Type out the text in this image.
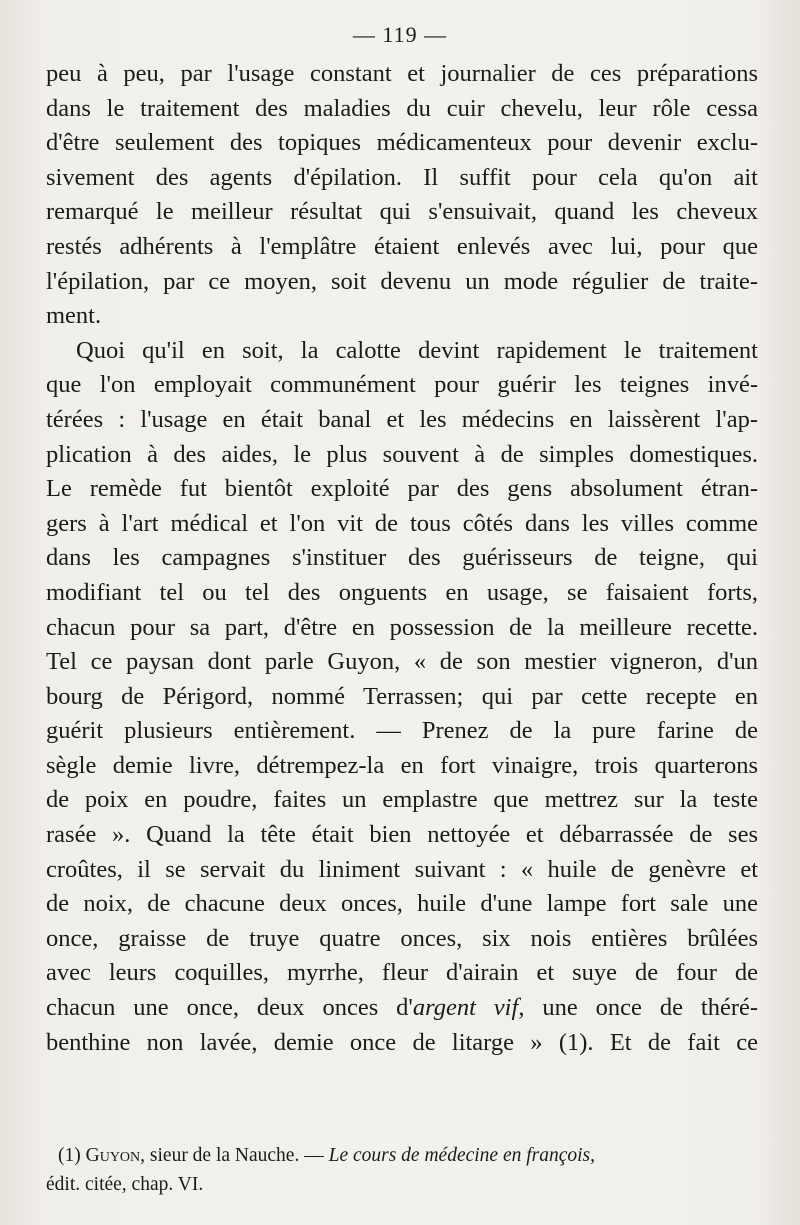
— 119 —
peu à peu, par l'usage constant et journalier de ces préparations
dans le traitement des maladies du cuir chevelu, leur rôle cessa
d'être seulement des topiques médicamenteux pour devenir exclu-
sivement des agents d'épilation. Il suffit pour cela qu'on ait
remarqué le meilleur résultat qui s'ensuivait, quand les cheveux
restés adhérents à l'emplâtre étaient enlevés avec lui, pour que
l'épilation, par ce moyen, soit devenu un mode régulier de traite-
ment.
Quoi qu'il en soit, la calotte devint rapidement le traitement
que l'on employait communément pour guérir les teignes invé-
térées : l'usage en était banal et les médecins en laissèrent l'ap-
plication à des aides, le plus souvent à de simples domestiques.
Le remède fut bientôt exploité par des gens absolument étran-
gers à l'art médical et l'on vit de tous côtés dans les villes comme
dans les campagnes s'instituer des guérisseurs de teigne, qui
modifiant tel ou tel des onguents en usage, se faisaient forts,
chacun pour sa part, d'être en possession de la meilleure recette.
Tel ce paysan dont parle Guyon, « de son mestier vigneron, d'un
bourg de Périgord, nommé Terrassen; qui par cette recepte en
guérit plusieurs entièrement. — Prenez de la pure farine de
sègle demie livre, détrempez-la en fort vinaigre, trois quarterons
de poix en poudre, faites un emplastre que mettrez sur la teste
rasée ». Quand la tête était bien nettoyée et débarrassée de ses
croûtes, il se servait du liniment suivant : « huile de genèvre et
de noix, de chacune deux onces, huile d'une lampe fort sale une
once, graisse de truye quatre onces, six nois entières brûlées
avec leurs coquilles, myrrhe, fleur d'airain et suye de four de
chacun une once, deux onces d'argent vif, une once de théré-
benthine non lavée, demie once de litarge » (1). Et de fait ce
(1) Guyon, sieur de la Nauche. — Le cours de médecine en françois,
édit. citée, chap. VI.
